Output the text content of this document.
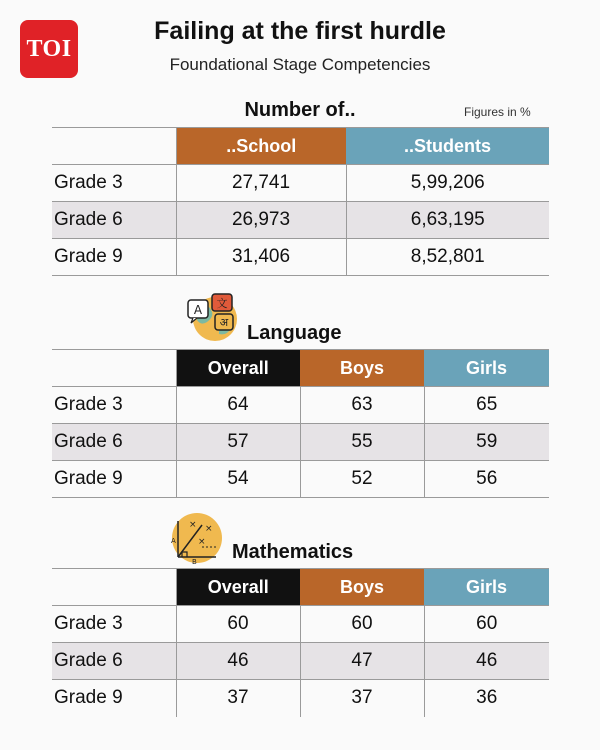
TOI
Failing at the first hurdle
Foundational Stage Competencies
Number of..	Figures in %
	..School	..Students
Grade 3	27,741	5,99,206
Grade 6	26,973	6,63,195
Grade 9	31,406	8,52,801
A 文
अ Language
	Overall	Boys	Girls
Grade 3	64	63	65
Grade 6	57	55	59
Grade 9	54	52	56
× ×
×
A
B Mathematics
	Overall	Boys	Girls
Grade 3	60	60	60
Grade 6	46	47	46
Grade 9	37	37	36
